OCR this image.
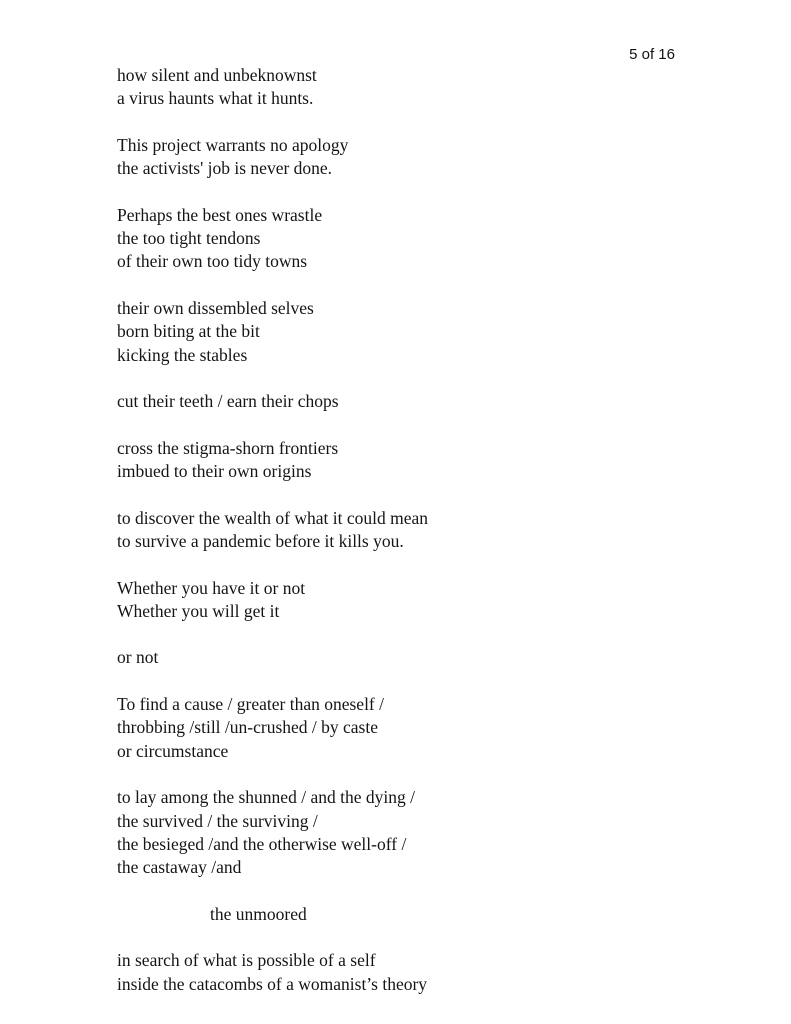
5 of 16
how silent and unbeknownst
a virus haunts what it hunts.
This project warrants no apology
the activists' job is never done.
Perhaps the best ones wrastle
the too tight tendons
of their own too tidy towns
their own dissembled selves
born biting at the bit
kicking the stables
cut their teeth / earn their chops
cross the stigma-shorn frontiers
imbued to their own origins
to discover the wealth of what it could mean
to survive a pandemic before it kills you.
Whether you have it or not
Whether you will get it
or not
To find a cause / greater than oneself /
throbbing /still /un-crushed / by caste
or circumstance
to lay among the shunned / and the dying /
the survived / the surviving /
the besieged /and the otherwise well-off /
the castaway /and
the unmoored
in search of what is possible of a self
inside the catacombs of a womanist’s theory
